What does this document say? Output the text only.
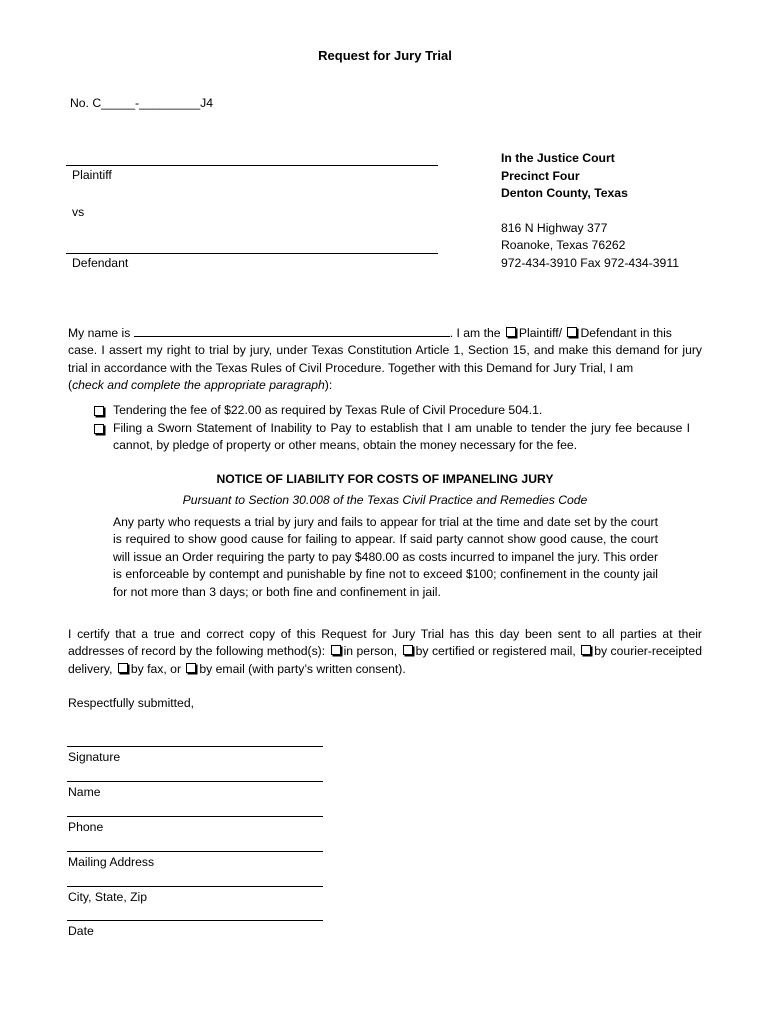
Request for Jury Trial
No. C_____-_________J4
Plaintiff
vs
Defendant
In the Justice Court
Precinct Four
Denton County, Texas
816 N Highway 377
Roanoke, Texas 76262
972-434-3910 Fax 972-434-3911
My name is	. I am the Plaintiff/ Defendant in this
case. I assert my right to trial by jury, under Texas Constitution Article 1, Section 15, and make this demand for jury trial in accordance with the Texas Rules of Civil Procedure. Together with this Demand for Jury Trial, I am
(check and complete the appropriate paragraph):
Tendering the fee of $22.00 as required by Texas Rule of Civil Procedure 504.1.
Filing a Sworn Statement of Inability to Pay to establish that I am unable to tender the jury fee because I cannot, by pledge of property or other means, obtain the money necessary for the fee.
NOTICE OF LIABILITY FOR COSTS OF IMPANELING JURY
Pursuant to Section 30.008 of the Texas Civil Practice and Remedies Code
Any party who requests a trial by jury and fails to appear for trial at the time and date set by the court is required to show good cause for failing to appear. If said party cannot show good cause, the court will issue an Order requiring the party to pay $480.00 as costs incurred to impanel the jury. This order is enforceable by contempt and punishable by fine not to exceed $100; confinement in the county jail for not more than 3 days; or both fine and confinement in jail.
I certify that a true and correct copy of this Request for Jury Trial has this day been sent to all parties at their addresses of record by the following method(s): in person, by certified or registered mail, by courier-receipted delivery, by fax, or by email (with party’s written consent).
Respectfully submitted,
Signature
Name
Phone
Mailing Address
City, State, Zip
Date
